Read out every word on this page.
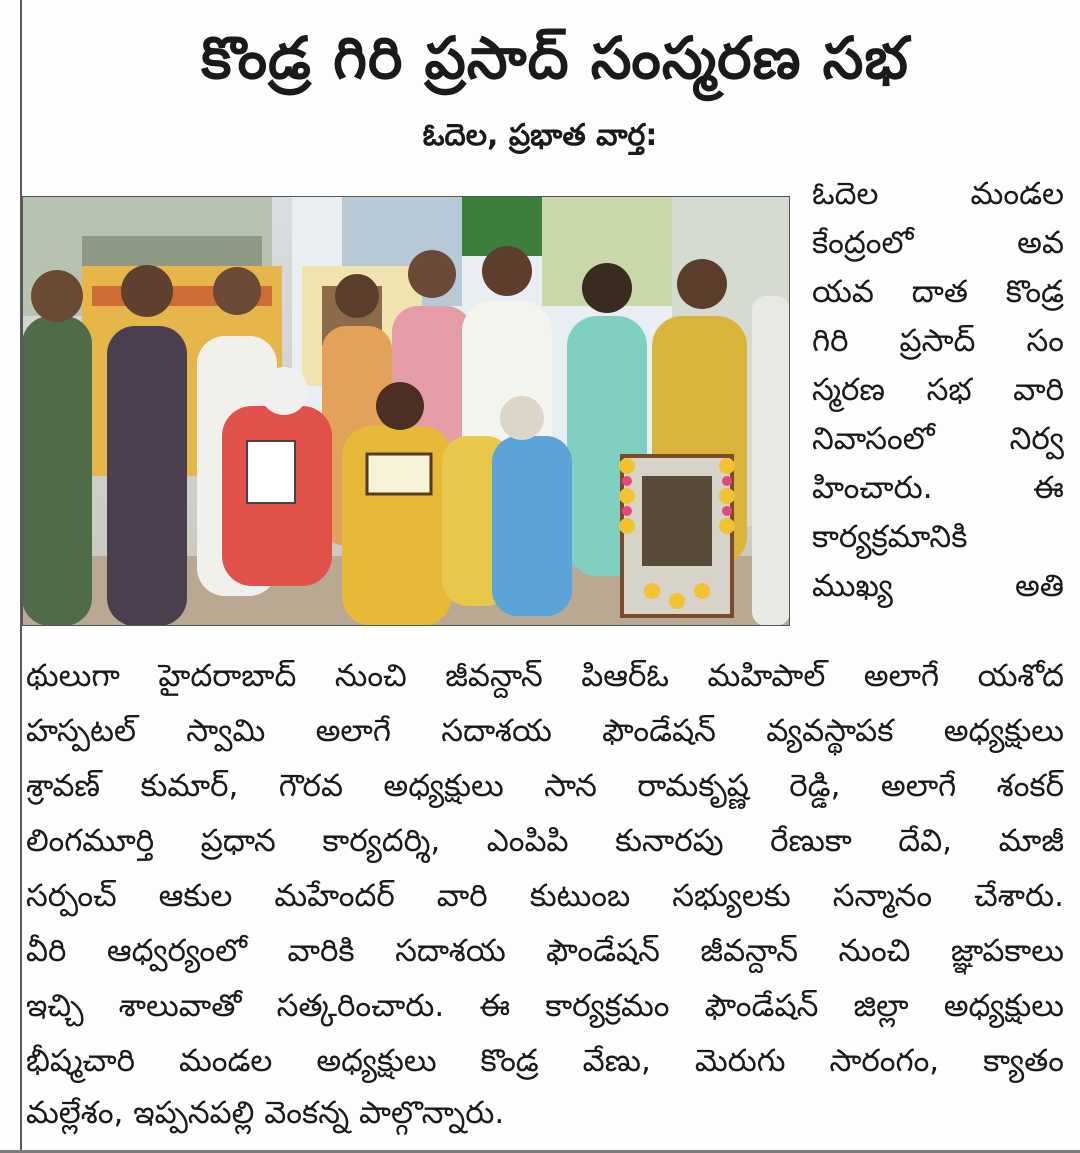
కొండ్ర గిరి ప్రసాద్ సంస్మరణ సభ
ఓదెల, ప్రభాత వార్త:
ఓదెల మండల
కేంద్రంలో అవ
యవ దాత కొండ్ర
గిరి ప్రసాద్ సం
స్మరణ సభ వారి
నివాసంలో నిర్వ
హించారు. ఈ
కార్యక్రమానికి
ముఖ్య అతి
థులుగా హైదరాబాద్ నుంచి జీవన్దాన్ పిఆర్ఓ మహిపాల్ అలాగే యశోద
హస్పటల్ స్వామి అలాగే సదాశయ ఫౌండేషన్ వ్యవస్థాపక అధ్యక్షులు
శ్రావణ్ కుమార్, గౌరవ అధ్యక్షులు సాన రామకృష్ణ రెడ్డి, అలాగే శంకర్
లింగమూర్తి ప్రధాన కార్యదర్శి, ఎంపిపి కునారపు రేణుకా దేవి, మాజీ
సర్పంచ్ ఆకుల మహేందర్ వారి కుటుంబ సభ్యులకు సన్మానం చేశారు.
వీరి ఆధ్వర్యంలో వారికి సదాశయ ఫౌండేషన్ జీవన్దాన్ నుంచి జ్ఞాపకాలు
ఇచ్చి శాలువాతో సత్కరించారు. ఈ కార్యక్రమం ఫౌండేషన్ జిల్లా అధ్యక్షులు
భీష్మచారి మండల అధ్యక్షులు కొండ్ర వేణు, మెరుగు సారంగం, క్యాతం
మల్లేశం, ఇప్పనపల్లి వెంకన్న పాల్గొన్నారు.
